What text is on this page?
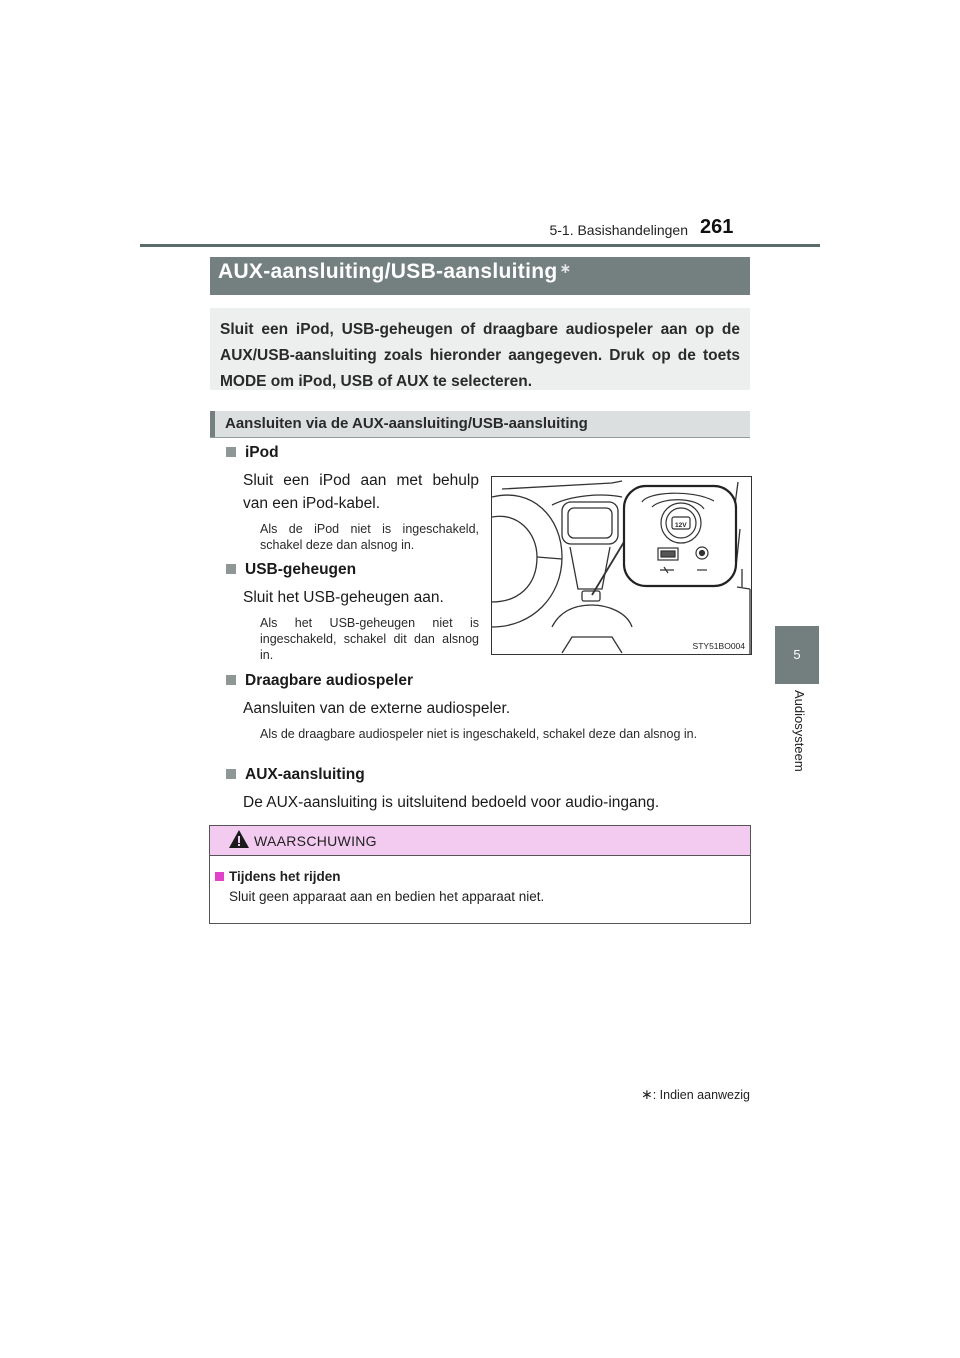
5-1. Basishandelingen 261
5
Audiosysteem
AUX-aansluiting/USB-aansluiting ∗

Sluit een iPod, USB-geheugen of draagbare audiospeler aan op de AUX/USB-aansluiting zoals hieronder aangegeven. Druk op de toets MODE om iPod, USB of AUX te selecteren.

Aansluiten via de AUX-aansluiting/USB-aansluiting
iPod
Sluit een iPod aan met behulp van een iPod-kabel.
Als de iPod niet is ingeschakeld, schakel deze dan alsnog in.
USB-geheugen
Sluit het USB-geheugen aan.
Als het USB-geheugen niet is ingeschakeld, schakel dit dan alsnog in.
12V
STY51BO004
Draagbare audiospeler
Aansluiten van de externe audiospeler.
Als de draagbare audiospeler niet is ingeschakeld, schakel deze dan alsnog in.
AUX-aansluiting
De AUX-aansluiting is uitsluitend bedoeld voor audio-ingang.
WAARSCHUWING
Tijdens het rijden
Sluit geen apparaat aan en bedien het apparaat niet.
∗: Indien aanwezig
